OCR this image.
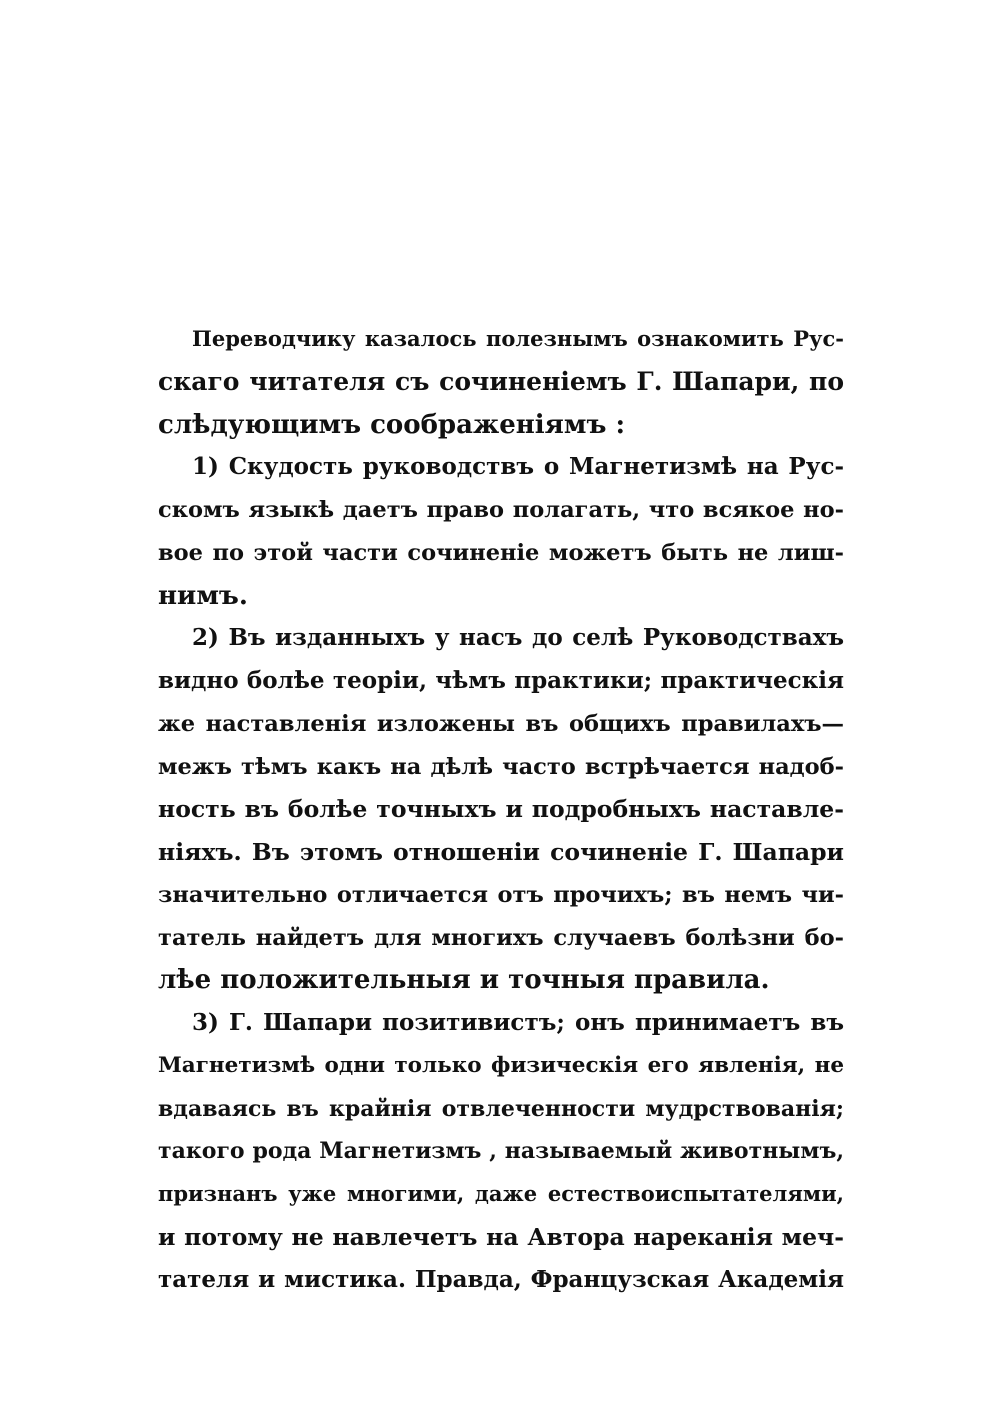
Переводчику казалось полезнымъ ознакомить Рус-
скаго читателя съ сочиненіемъ Г. Шапари, по
слѣдующимъ соображеніямъ :
1) Скудость руководствъ о Магнетизмѣ на Рус-
скомъ языкѣ даетъ право полагать, что всякое но-
вое по этой части сочиненіе можетъ быть не лиш-
нимъ.
2) Въ изданныхъ у насъ до селѣ Руководствахъ
видно болѣе теоріи, чѣмъ практики; практическія
же наставленія изложены въ общихъ правилахъ—
межъ тѣмъ какъ на дѣлѣ часто встрѣчается надоб-
ность въ болѣе точныхъ и подробныхъ наставле-
ніяхъ. Въ этомъ отношеніи сочиненіе Г. Шапари
значительно отличается отъ прочихъ; въ немъ чи-
татель найдетъ для многихъ случаевъ болѣзни бо-
лѣе положительныя и точныя правила.
3) Г. Шапари позитивистъ; онъ принимаетъ въ
Магнетизмѣ одни только физическія его явленія, не
вдаваясь въ крайнія отвлеченности мудрствованія;
такого рода Магнетизмъ , называемый животнымъ,
признанъ уже многими, даже естествоиспытателями,
и потому не навлечетъ на Автора нареканія меч-
тателя и мистика. Правда, Французская Академія
